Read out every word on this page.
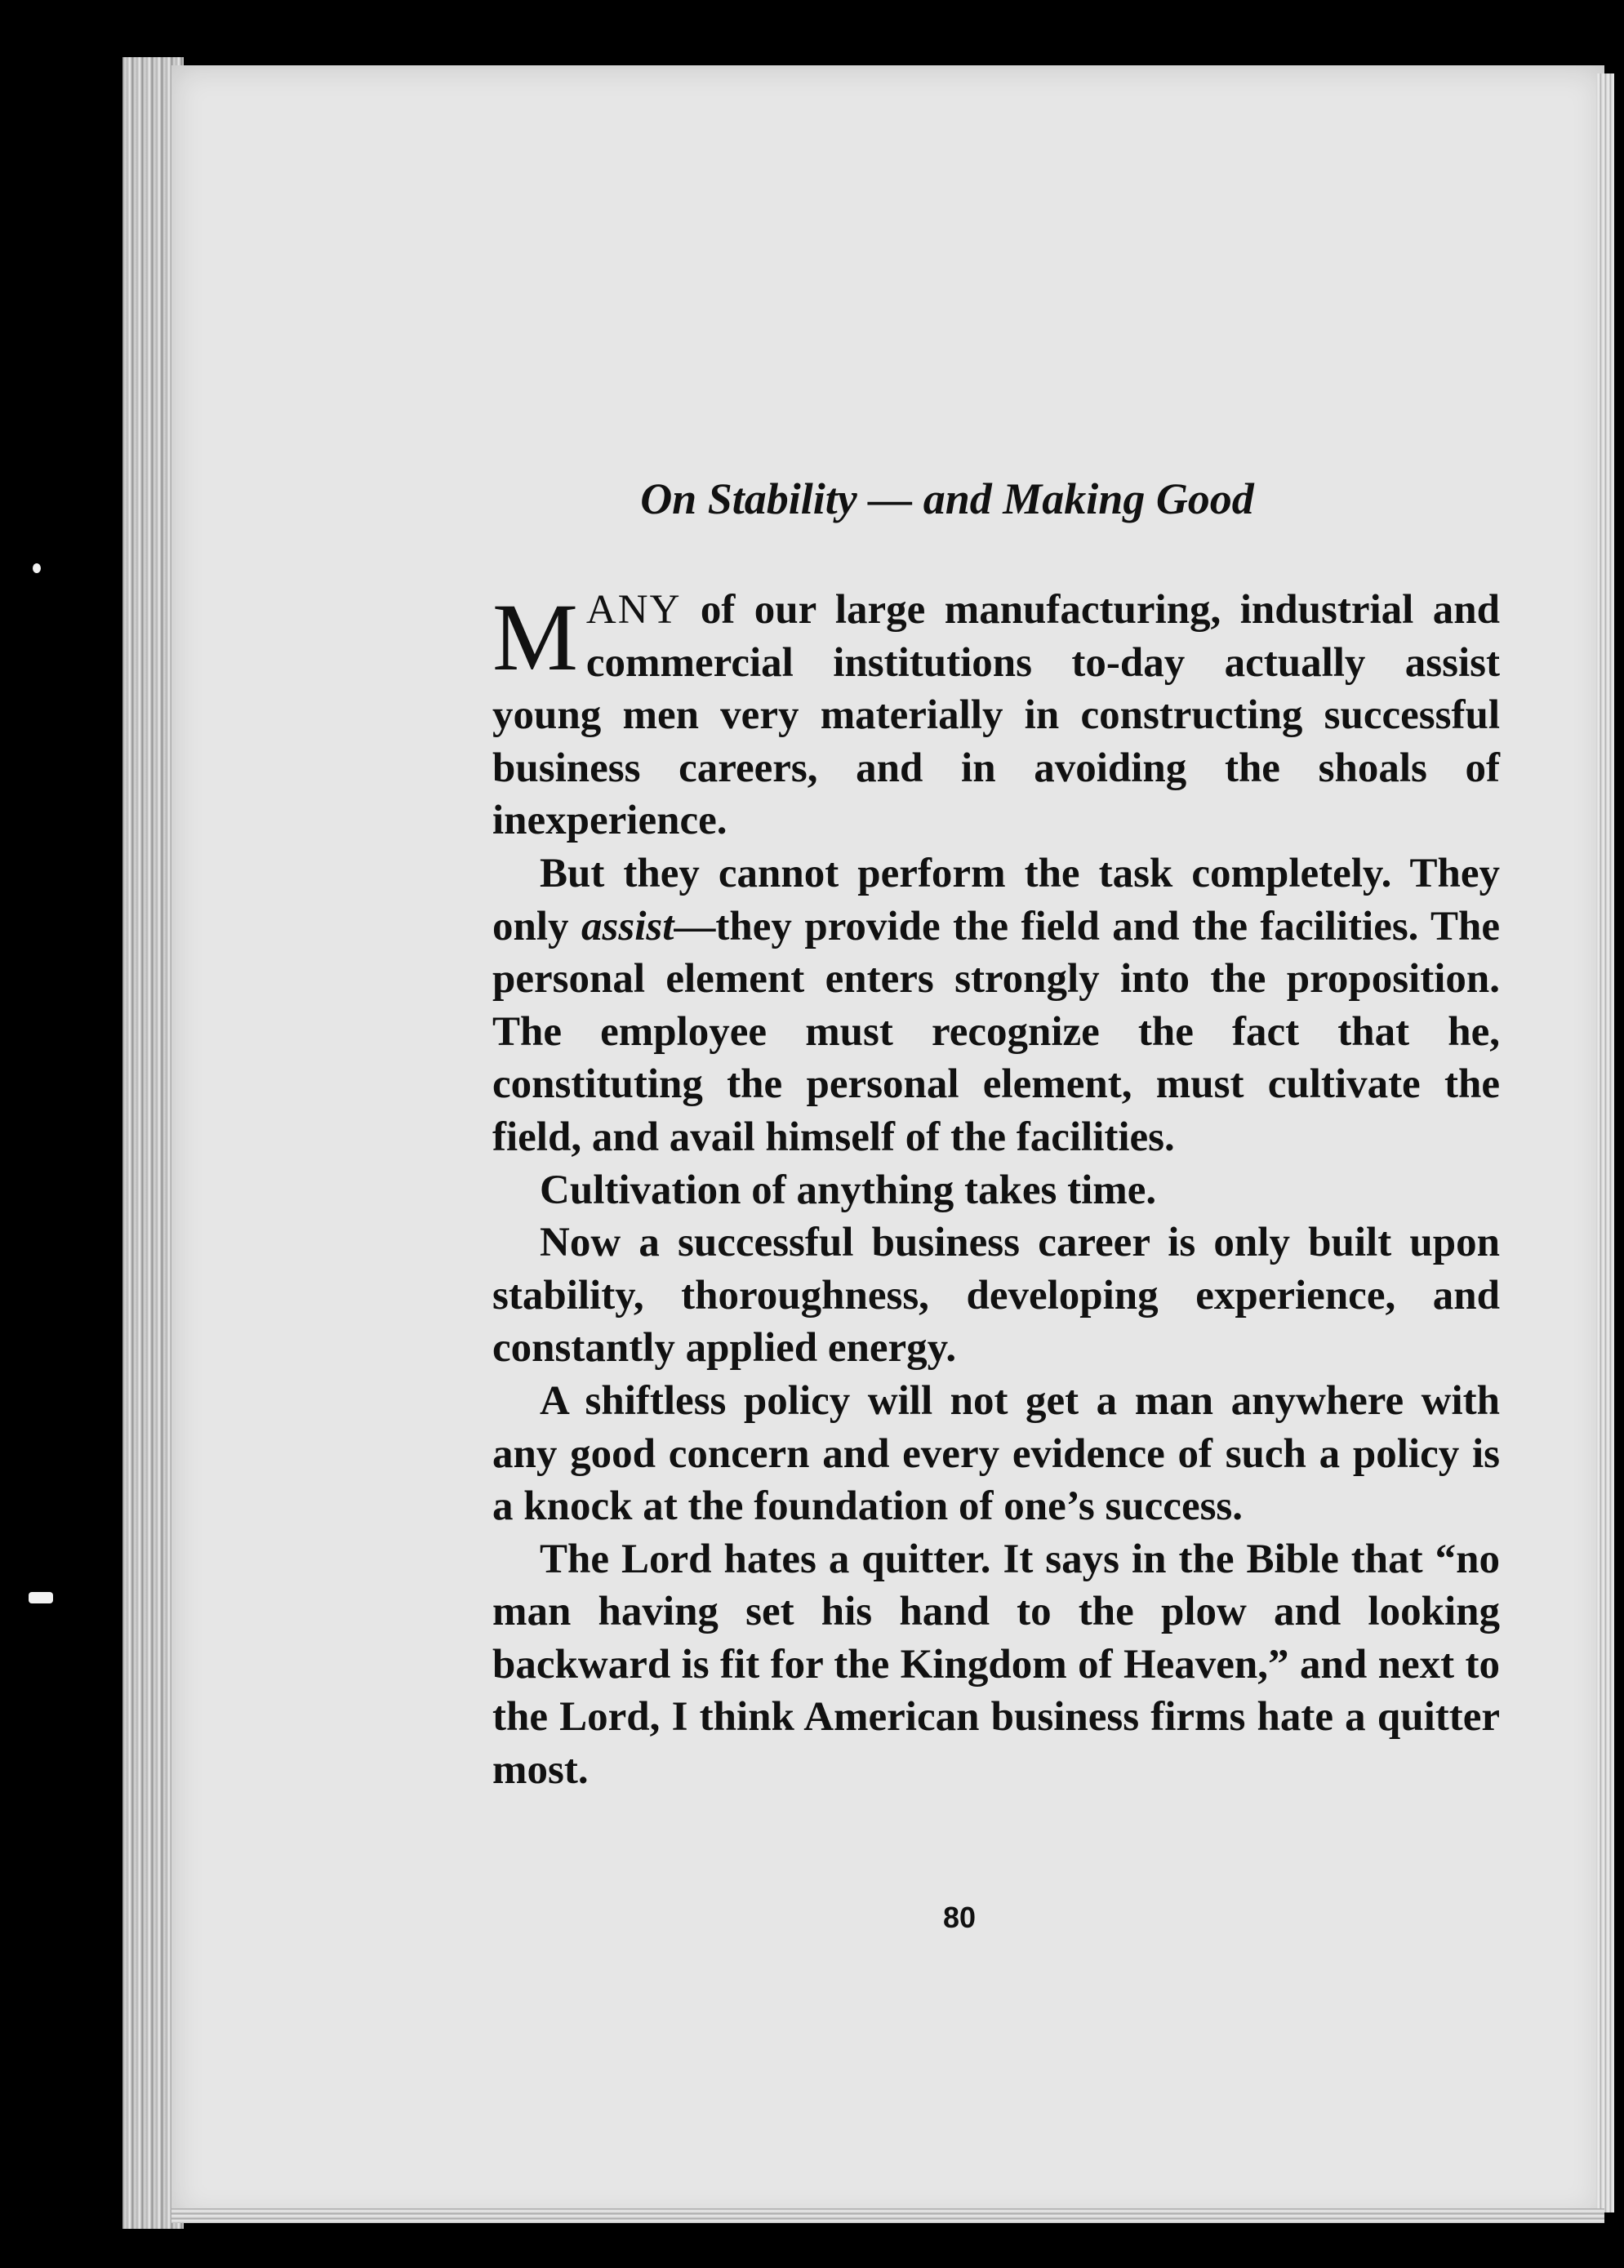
On Stability — and Making Good

MANY of our large manufacturing, industrial and commercial institutions to-day actually assist young men very materially in constructing successful business careers, and in avoiding the shoals of inexperience.

But they cannot perform the task completely. They only assist—they provide the field and the facilities. The personal element enters strongly into the proposition. The employee must recognize the fact that he, constituting the personal element, must cultivate the field, and avail himself of the facilities.

Cultivation of anything takes time.

Now a successful business career is only built upon stability, thoroughness, developing experience, and constantly applied energy.

A shiftless policy will not get a man anywhere with any good concern and every evidence of such a policy is a knock at the foundation of one’s success.

The Lord hates a quitter. It says in the Bible that “no man having set his hand to the plow and looking backward is fit for the Kingdom of Heaven,” and next to the Lord, I think American business firms hate a quitter most.

80
